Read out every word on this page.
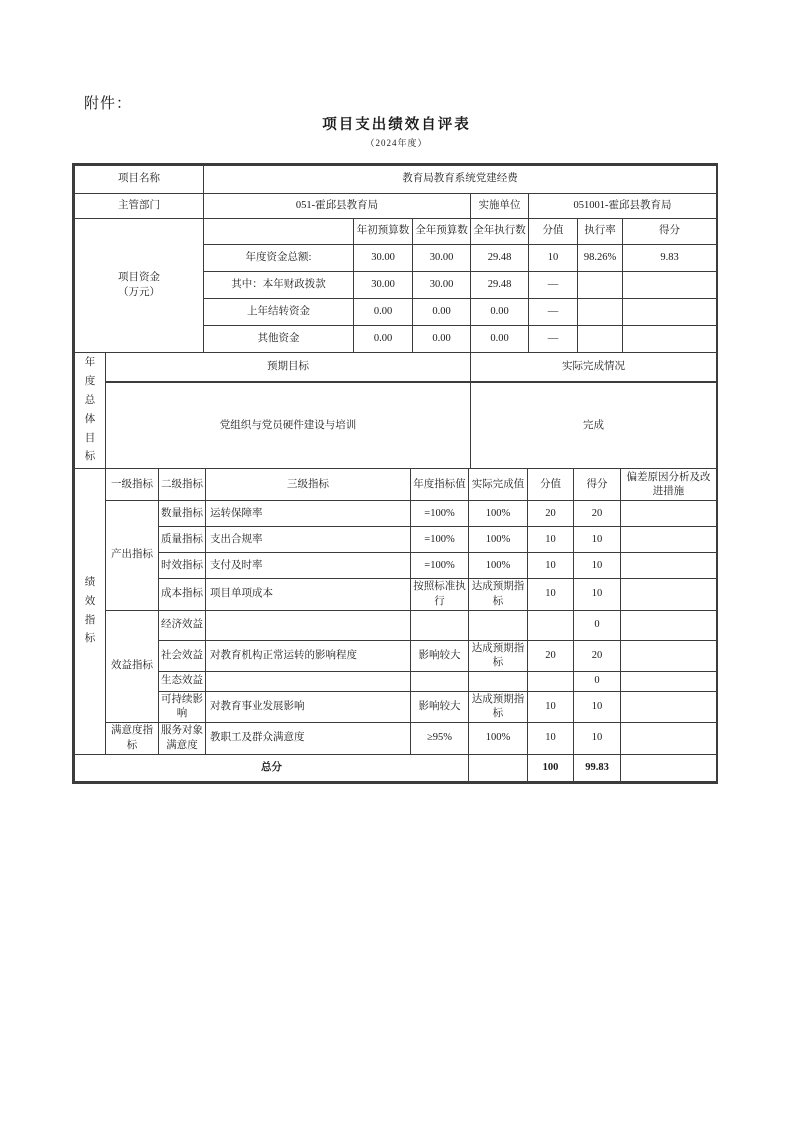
附件：
项目支出绩效自评表
（2024年度）
项目名称	教育局教育系统党建经费						
主管部门	051-霍邱县教育局			实施单位	051001-霍邱县教育局		

项目资金
（万元）		年初预算数	全年预算数	全年执行数	分值	执行率	得分
	年度资金总额:	30.00	30.00	29.48	10	98.26%	9.83
	其中：本年财政拨款	30.00	30.00	29.48	—		
	上年结转资金	0.00	0.00	0.00	—		
	其他资金	0.00	0.00	0.00	—		
年度总体目标	预期目标	实际完成情况
	党组织与党员硬件建设与培训	完成
绩效指标	一级指标	二级指标	三级指标	年度指标值	实际完成值	分值	得分	偏差原因分析及改进措施
	产出指标	数量指标	运转保障率	=100%	100%	20	20	
		质量指标	支出合规率	=100%	100%	10	10	
		时效指标	支付及时率	=100%	100%	10	10	
		成本指标	项目单项成本	按照标准执行	达成预期指标	10	10	
	效益指标	经济效益					0	
		社会效益	对教育机构正常运转的影响程度	影响较大	达成预期指标	20	20	
		生态效益					0	
		可持续影响	对教育事业发展影响	影响较大	达成预期指标	10	10	
	满意度指标	服务对象满意度	教职工及群众满意度	≥95%	100%	10	10	
总分						100	99.83	
